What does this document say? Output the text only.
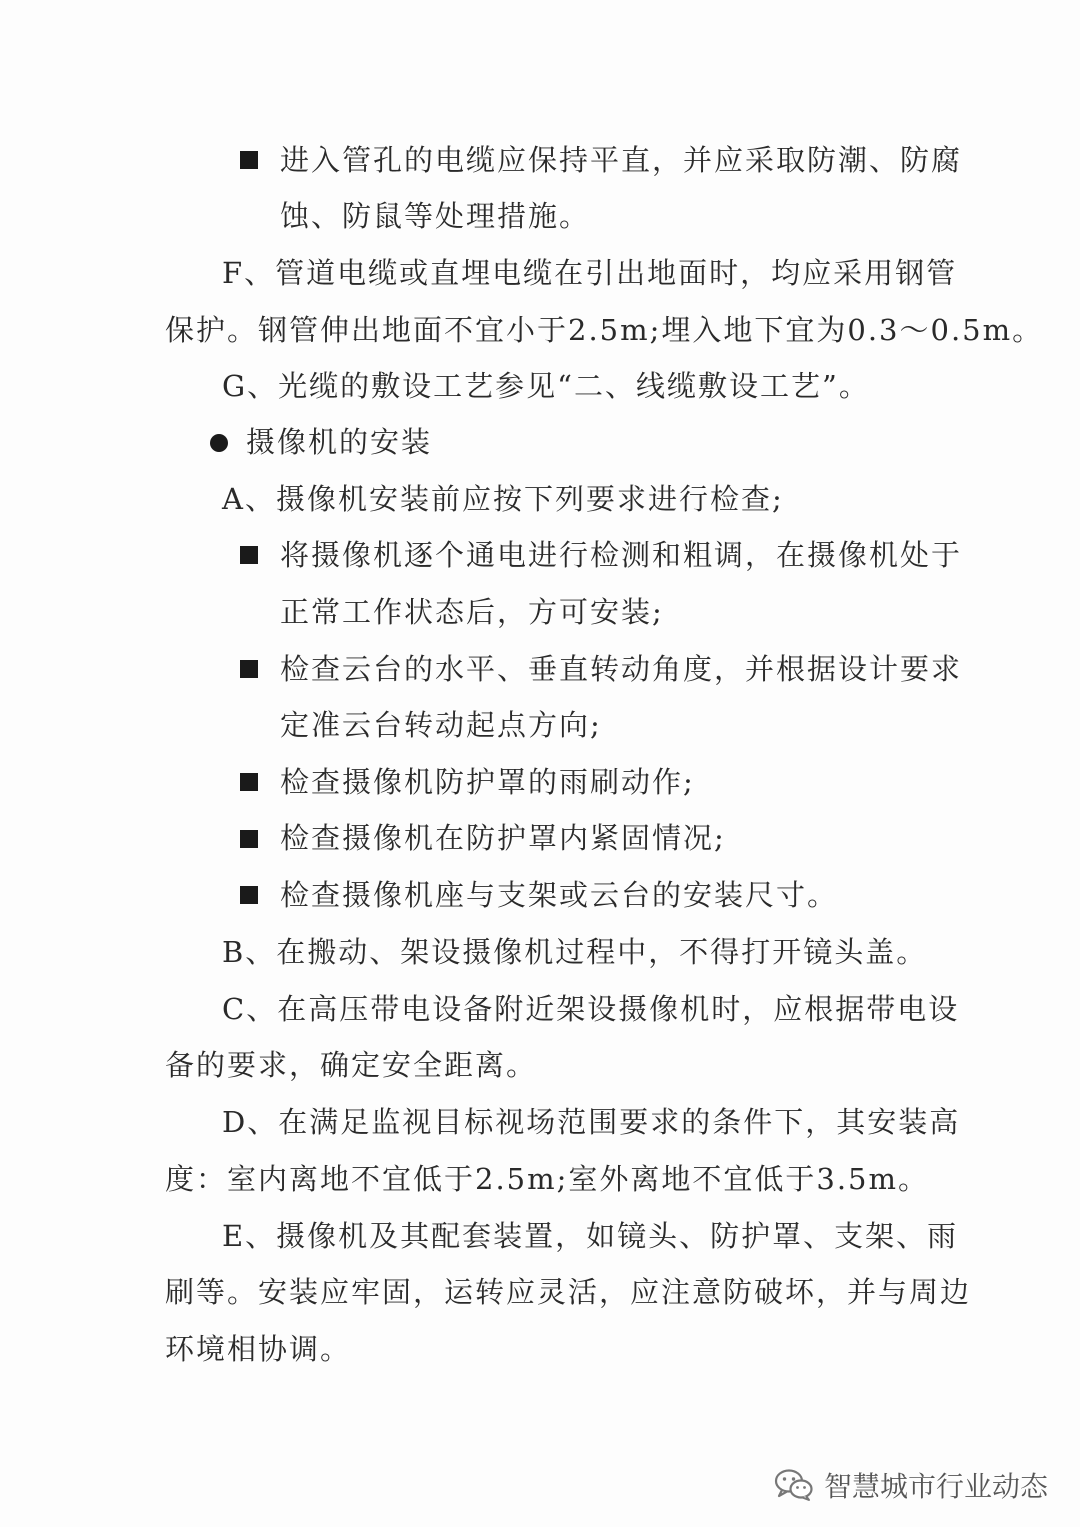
进入管孔的电缆应保持平直，并应采取防潮、防腐
蚀、防鼠等处理措施。
F、管道电缆或直埋电缆在引出地面时，均应采用钢管
保护。钢管伸出地面不宜小于2.5m;埋入地下宜为0.3～0.5m。
G、光缆的敷设工艺参见“二、线缆敷设工艺”。
摄像机的安装
A、摄像机安装前应按下列要求进行检查;
将摄像机逐个通电进行检测和粗调，在摄像机处于
正常工作状态后，方可安装;
检查云台的水平、垂直转动角度，并根据设计要求
定准云台转动起点方向;
检查摄像机防护罩的雨刷动作;
检查摄像机在防护罩内紧固情况;
检查摄像机座与支架或云台的安装尺寸。
B、在搬动、架设摄像机过程中，不得打开镜头盖。
C、在高压带电设备附近架设摄像机时，应根据带电设
备的要求，确定安全距离。
D、在满足监视目标视场范围要求的条件下，其安装高
度：室内离地不宜低于2.5m;室外离地不宜低于3.5m。
E、摄像机及其配套装置，如镜头、防护罩、支架、雨
刷等。安装应牢固，运转应灵活，应注意防破坏，并与周边
环境相协调。
智慧城市行业动态
